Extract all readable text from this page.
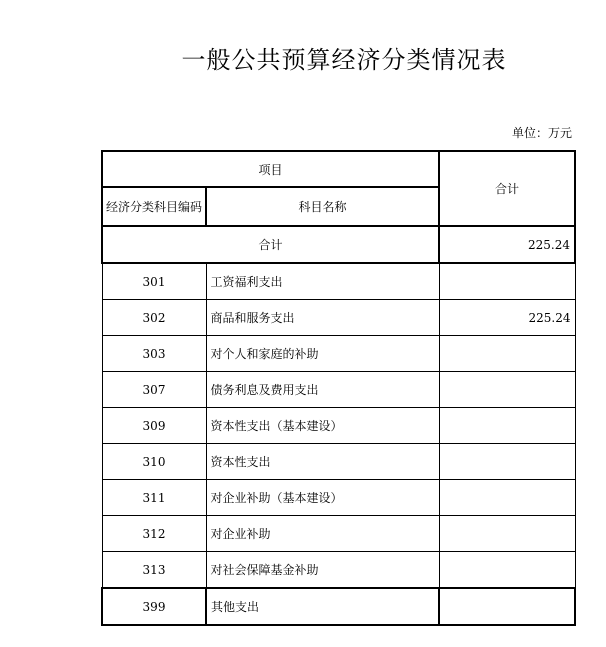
一般公共预算经济分类情况表
单位：万元
项目		合计
经济分类科目编码	科目名称	
合计		225.24
301	工资福利支出	
302	商品和服务支出	225.24
303	对个人和家庭的补助	
307	债务利息及费用支出	
309	资本性支出（基本建设）	
310	资本性支出	
311	对企业补助（基本建设）	
312	对企业补助	
313	对社会保障基金补助	
399	其他支出	
